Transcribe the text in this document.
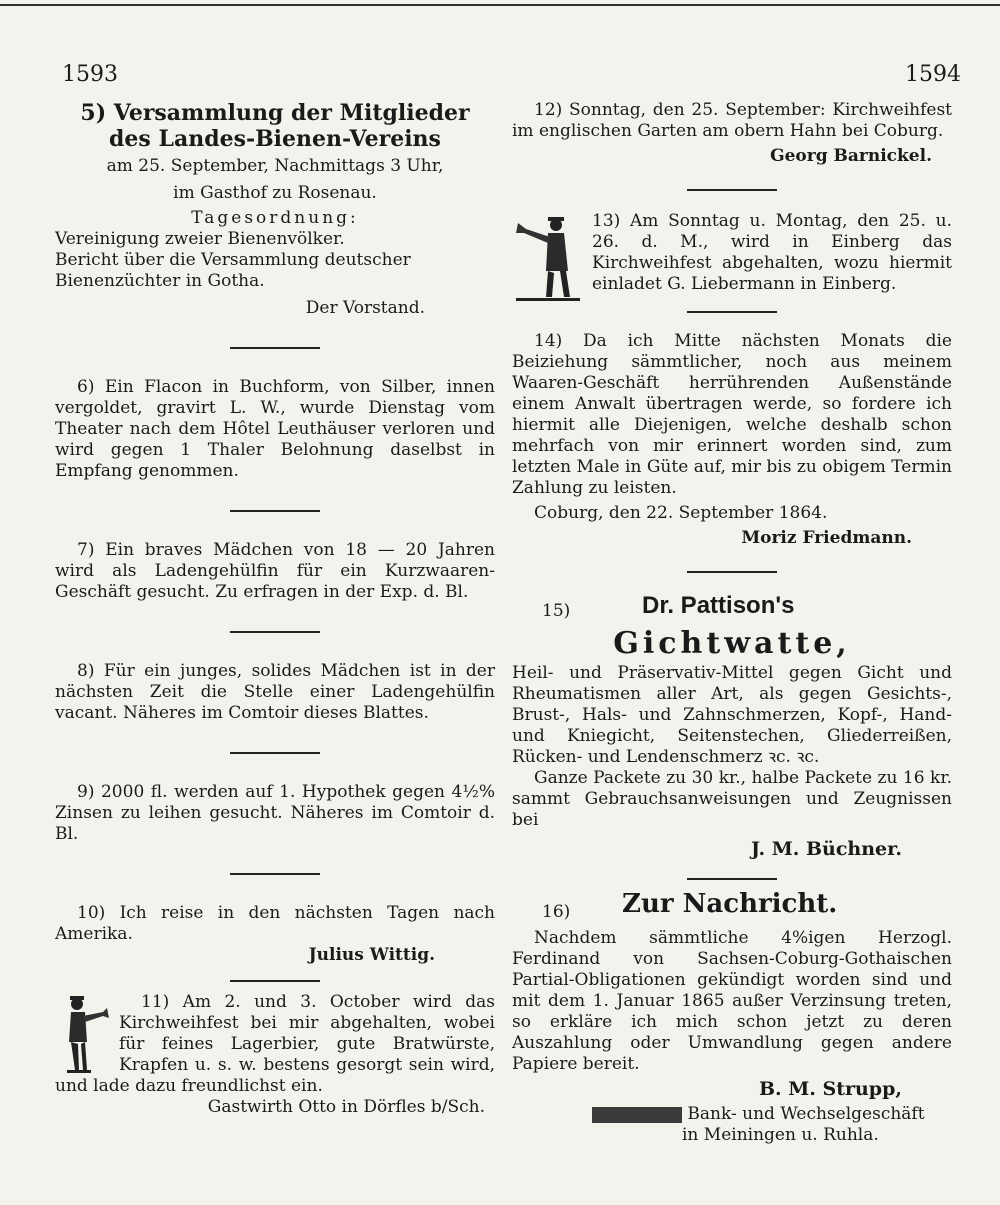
1593	1594

5) Versammlung der Mitglieder

des Landes-Bienen-Vereins

am 25. September, Nachmittags 3 Uhr,

im Gasthof zu Rosenau.

Tagesordnung:

Vereinigung zweier Bienenvölker.

Bericht über die Versammlung deutscher Bienenzüchter in Gotha.

Der Vorstand.

6) Ein Flacon in Buchform, von Silber, innen vergoldet, gravirt L. W., wurde Dienstag vom Theater nach dem Hôtel Leuthäuser verloren und wird gegen 1 Thaler Belohnung daselbst in Empfang genommen.

7) Ein braves Mädchen von 18 — 20 Jahren wird als Ladengehülfin für ein Kurzwaaren-Geschäft gesucht. Zu erfragen in der Exp. d. Bl.

8) Für ein junges, solides Mädchen ist in der nächsten Zeit die Stelle einer Ladengehülfin vacant. Näheres im Comtoir dieses Blattes.

9) 2000 fl. werden auf 1. Hypothek gegen 4½% Zinsen zu leihen gesucht. Näheres im Comtoir d. Bl.

10) Ich reise in den nächsten Tagen nach Amerika.

Julius Wittig.

11) Am 2. und 3. October wird das Kirchweihfest bei mir abgehalten, wobei für feines Lagerbier, gute Bratwürste, Krapfen u. s. w. bestens gesorgt sein wird, und lade dazu freundlichst ein.

Gastwirth Otto in Dörfles b/Sch.

12) Sonntag, den 25. September: Kirchweihfest im englischen Garten am obern Hahn bei Coburg.

Georg Barnickel.

13) Am Sonntag u. Montag, den 25. u. 26. d. M., wird in Einberg das Kirchweihfest abgehalten, wozu hiermit einladet G. Liebermann in Einberg.

14) Da ich Mitte nächsten Monats die Beiziehung sämmtlicher, noch aus meinem Waaren-Geschäft herrührenden Außenstände einem Anwalt übertragen werde, so fordere ich hiermit alle Diejenigen, welche deshalb schon mehrfach von mir erinnert worden sind, zum letzten Male in Güte auf, mir bis zu obigem Termin Zahlung zu leisten.

Coburg, den 22. September 1864.

Moriz Friedmann.

15)	Dr. Pattison's

Gichtwatte,

Heil- und Präservativ-Mittel gegen Gicht und Rheumatismen aller Art, als gegen Gesichts-, Brust-, Hals- und Zahnschmerzen, Kopf-, Hand- und Kniegicht, Seitenstechen, Gliederreißen, Rücken- und Lendenschmerz ꝛc. ꝛc.

Ganze Packete zu 30 kr., halbe Packete zu 16 kr. sammt Gebrauchsanweisungen und Zeugnissen bei

J. M. Büchner.

16) Zur Nachricht.

Nachdem sämmtliche 4%igen Herzogl. Ferdinand von Sachsen-Coburg-Gothaischen Partial-Obligationen gekündigt worden sind und mit dem 1. Januar 1865 außer Verzinsung treten, so erkläre ich mich schon jetzt zu deren Auszahlung oder Umwandlung gegen andere Papiere bereit.

B. M. Strupp,

Bank- und Wechselgeschäft

in Meiningen u. Ruhla.
